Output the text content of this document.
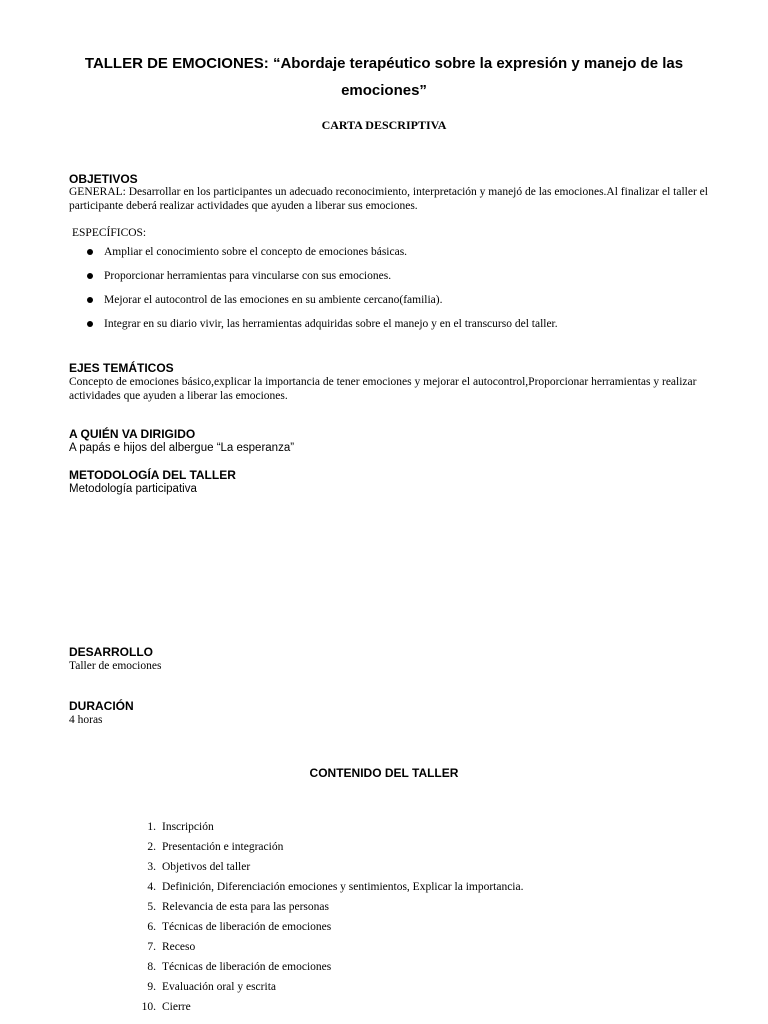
TALLER DE EMOCIONES: “Abordaje terapéutico sobre la expresión y manejo de las emociones”
CARTA DESCRIPTIVA
OBJETIVOS
GENERAL: Desarrollar en los participantes un adecuado reconocimiento, interpretación y manejó de las emociones.Al finalizar el taller el participante deberá realizar actividades que ayuden a liberar sus emociones.
ESPECÍFICOS:
Ampliar el conocimiento sobre el concepto de emociones básicas.
Proporcionar herramientas para vincularse con sus emociones.
Mejorar el autocontrol de las emociones en su ambiente cercano(familia).
Integrar en su diario vivir, las herramientas adquiridas sobre el manejo y en el transcurso del taller.
EJES TEMÁTICOS
Concepto de emociones básico,explicar la importancia de tener emociones y mejorar el autocontrol,Proporcionar herramientas y realizar actividades que ayuden a liberar las emociones.
A QUIÉN VA DIRIGIDO
A papás e hijos del albergue “La esperanza”
METODOLOGÍA DEL TALLER
Metodología participativa
DESARROLLO
Taller de emociones
DURACIÓN
4 horas
CONTENIDO DEL TALLER
1. Inscripción
2. Presentación e integración
3. Objetivos del taller
4. Definición, Diferenciación emociones y sentimientos, Explicar la importancia.
5. Relevancia de esta para las personas
6. Técnicas de liberación de emociones
7. Receso
8. Técnicas de liberación de emociones
9. Evaluación oral y escrita
10. Cierre
